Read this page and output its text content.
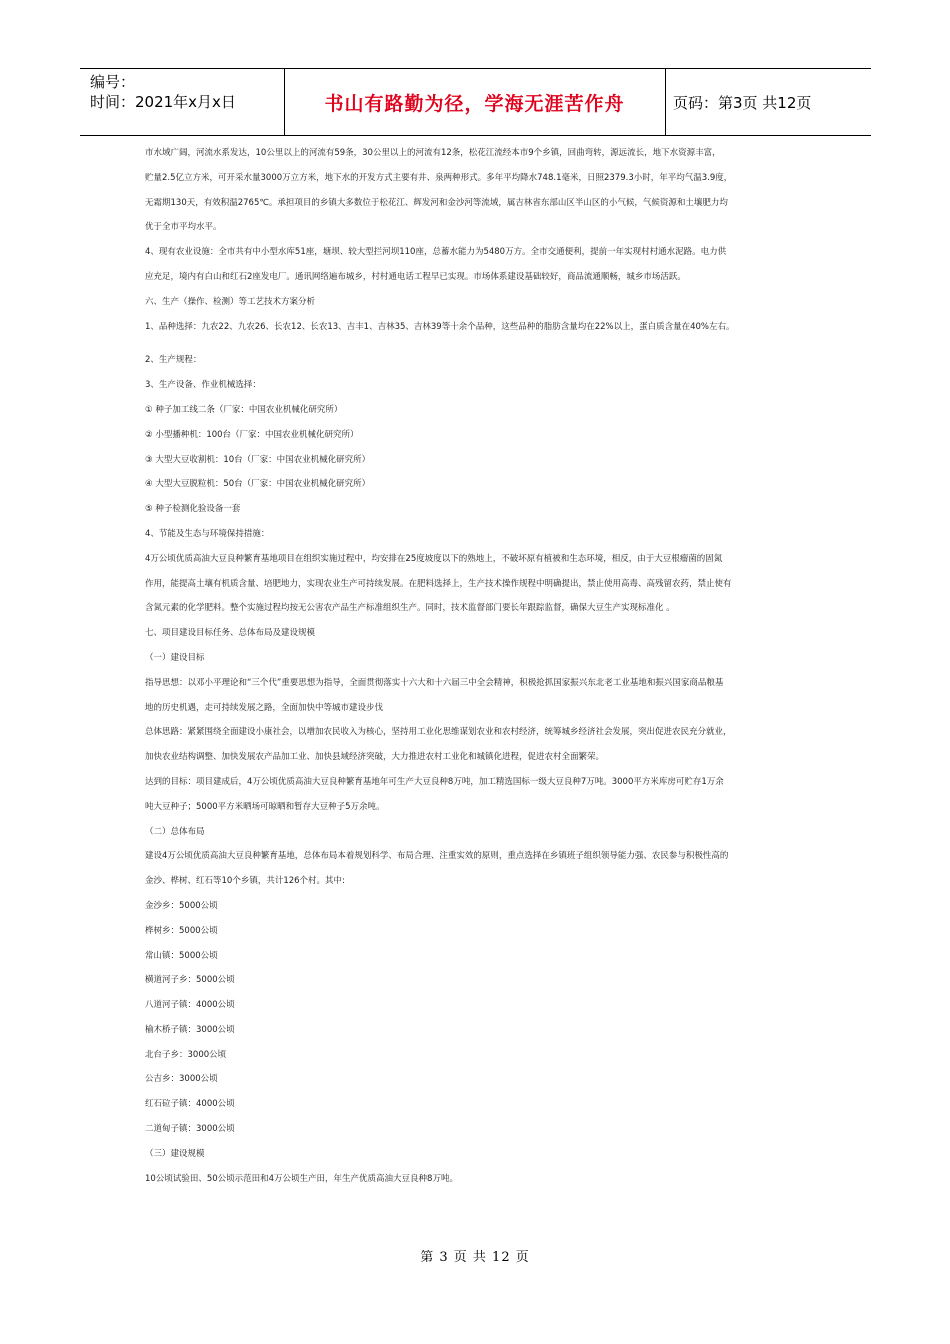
编号：
时间：2021年x月x日	书山有路勤为径，学海无涯苦作舟	页码：第3页 共12页
市水域广阔，河流水系发达，10公里以上的河流有59条，30公里以上的河流有12条，松花江流经本市9个乡镇，回曲弯转，源远流长，地下水资源丰富，
贮量2.5亿立方米，可开采水量3000万立方米，地下水的开发方式主要有井、泉两种形式。多年平均降水748.1毫米，日照2379.3小时，年平均气温3.9度，
无霜期130天，有效积温2765℃。承担项目的乡镇大多数位于松花江、辉发河和金沙河等流域，属吉林省东部山区半山区的小气候，气候资源和土壤肥力均
优于全市平均水平。
4、现有农业设施：全市共有中小型水库51座，塘坝、较大型拦河坝110座，总蓄水能力为5480万方。全市交通便利，提前一年实现村村通水泥路。电力供
应充足，境内有白山和红石2座发电厂。通讯网络遍布城乡，村村通电话工程早已实现。市场体系建设基础较好，商品流通顺畅，城乡市场活跃。
六、生产（操作、检测）等工艺技术方案分析
1、品种选择：九农22、九农26、长农12、长农13、吉丰1、吉林35、吉林39等十余个品种，这些品种的脂肪含量均在22%以上，蛋白质含量在40%左右。
2、生产规程：
3、生产设备、作业机械选择：
① 种子加工线二条（厂家：中国农业机械化研究所）
② 小型播种机：100台（厂家：中国农业机械化研究所）
③ 大型大豆收割机：10台（厂家：中国农业机械化研究所）
④ 大型大豆脱粒机：50台（厂家：中国农业机械化研究所）
⑤ 种子检测化验设备一套
4、节能及生态与环境保持措施：
4万公顷优质高油大豆良种繁育基地项目在组织实施过程中，均安排在25度坡度以下的熟地上，不破坏原有植被和生态环境，相反，由于大豆根瘤菌的固氮
作用，能提高土壤有机质含量、培肥地力，实现农业生产可持续发展。在肥料选择上，生产技术操作规程中明确提出，禁止使用高毒、高残留农药，禁止使有
含氮元素的化学肥料。整个实施过程均按无公害农产品生产标准组织生产。同时，技术监督部门要长年跟踪监督，确保大豆生产实现标准化 。
七、项目建设目标任务、总体布局及建设规模
（一）建设目标
指导思想：以邓小平理论和“三个代”重要思想为指导，全面贯彻落实十六大和十六届三中全会精神，积极抢抓国家振兴东北老工业基地和振兴国家商品粮基
地的历史机遇，走可持续发展之路，全面加快中等城市建设步伐
总体思路：紧紧围绕全面建设小康社会，以增加农民收入为核心，坚持用工业化思维谋划农业和农村经济，统筹城乡经济社会发展，突出促进农民充分就业，
加快农业结构调整、加快发展农产品加工业、加快县域经济突破，大力推进农村工业化和城镇化进程，促进农村全面繁荣。
达到的目标：项目建成后，4万公顷优质高油大豆良种繁育基地年可生产大豆良种8万吨，加工精选国标一级大豆良种7万吨。3000平方米库房可贮存1万余
吨大豆种子；5000平方米晒场可晾晒和暂存大豆种子5万余吨。
（二）总体布局
建设4万公顷优质高油大豆良种繁育基地，总体布局本着规划科学、布局合理、注重实效的原则，重点选择在乡镇班子组织领导能力强、农民参与积极性高的
金沙、桦树、红石等10个乡镇，共计126个村。其中:
金沙乡：5000公顷
桦树乡：5000公顷
常山镇：5000公顷
横道河子乡：5000公顷
八道河子镇：4000公顷
榆木桥子镇：3000公顷
北台子乡：3000公顷
公吉乡：3000公顷
红石砬子镇：4000公顷
二道甸子镇：3000公顷
（三）建设规模
10公顷试验田、50公顷示范田和4万公顷生产田，年生产优质高油大豆良种8万吨。
第 3 页 共 12 页
